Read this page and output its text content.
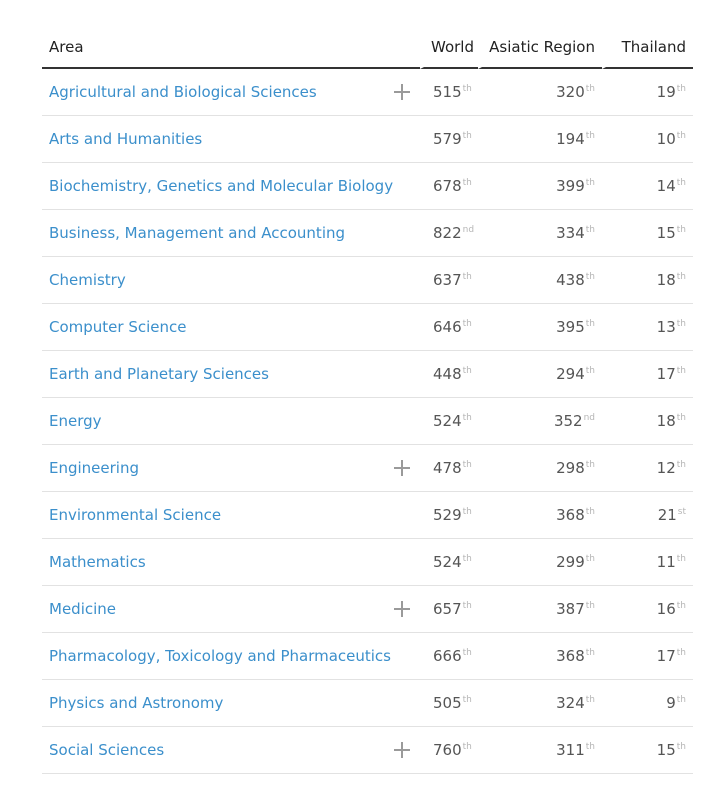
Area	World	Asiatic Region	Thailand
Agricultural and Biological Sciences	515th	320th	19th
Arts and Humanities	579th	194th	10th
Biochemistry, Genetics and Molecular Biology	678th	399th	14th
Business, Management and Accounting	822nd	334th	15th
Chemistry	637th	438th	18th
Computer Science	646th	395th	13th
Earth and Planetary Sciences	448th	294th	17th
Energy	524th	352nd	18th
Engineering	478th	298th	12th
Environmental Science	529th	368th	21st
Mathematics	524th	299th	11th
Medicine	657th	387th	16th
Pharmacology, Toxicology and Pharmaceutics	666th	368th	17th
Physics and Astronomy	505th	324th	9th
Social Sciences	760th	311th	15th
